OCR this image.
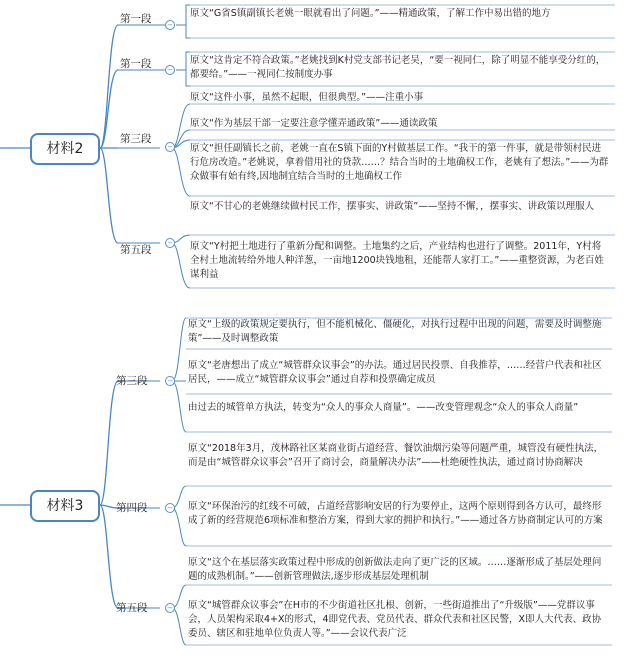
材料2
第一段 −
原文“G省S镇副镇长老姚一眼就看出了问题。”——精通政策，了解工作中易出错的地方
第一段 −
原文“这肯定不符合政策。”老姚找到K村党支部书记老吴，“要一视同仁，除了明显不能享受分红的，都要给。”——一视同仁按制度办事
第三段
−
原文“这件小事，虽然不起眼，但很典型。”——注重小事
原文“作为基层干部一定要注意学懂弄通政策”——通读政策
原文“担任副镇长之前，老姚一直在S镇下面的Y村做基层工作。“我干的第一件事，就是带领村民进行危房改造。”老姚说，拿着借用社的贷款……？结合当时的土地确权工作，老姚有了想法。”——为群众做事有始有终,因地制宜结合当时的土地确权工作
第五段
−
原文“不甘心的老姚继续做村民工作，摆事实、讲政策”——坚持不懈，，摆事实、讲政策以理服人
原文“Y村把土地进行了重新分配和调整。土地集约之后，产业结构也进行了调整。2011年，Y村将全村土地流转给外地人种洋葱，一亩地1200块钱地租，还能帮人家打工。”——重整资源，为老百姓谋利益
材料3
第三段	−
原文“上级的政策规定要执行，但不能机械化、僵硬化，对执行过程中出现的问题，需要及时调整施策”——及时调整政策
原文“老唐想出了成立“城管群众议事会”的办法。通过居民投票、自我推荐，……经营户代表和社区居民，——成立“城管群众议事会”通过自荐和投票确定成员
由过去的城管单方执法，转变为“众人的事众人商量”。——改变管理观念“众人的事众人商量”
第四段	−
原文“2018年3月，茂林路社区某商业街占道经营、餐饮油烟污染等问题严重，城管没有硬性执法，而是由“城管群众议事会”召开了商讨会，商量解决办法”——杜绝硬性执法，通过商讨协商解决
原文“环保治污的红线不可破，占道经营影响安居的行为要停止，这两个原则得到各方认可，最终形成了新的经营规范6项标准和整治方案，得到大家的拥护和执行。”——通过各方协商制定认可的方案
第五段	−
原文“这个在基层落实政策过程中形成的创新做法走向了更广泛的区域。……逐渐形成了基层处理问题的成熟机制。”——创新管理做法,逐步形成基层处理机制
原文“城管群众议事会”在H市的不少街道社区扎根、创新，一些街道推出了“升级版”——党群议事会，人员架构采取4+X的形式，4即党代表、党员代表、群众代表和社区民警，X即人大代表、政协委员、辖区和驻地单位负责人等。”——会议代表广泛
